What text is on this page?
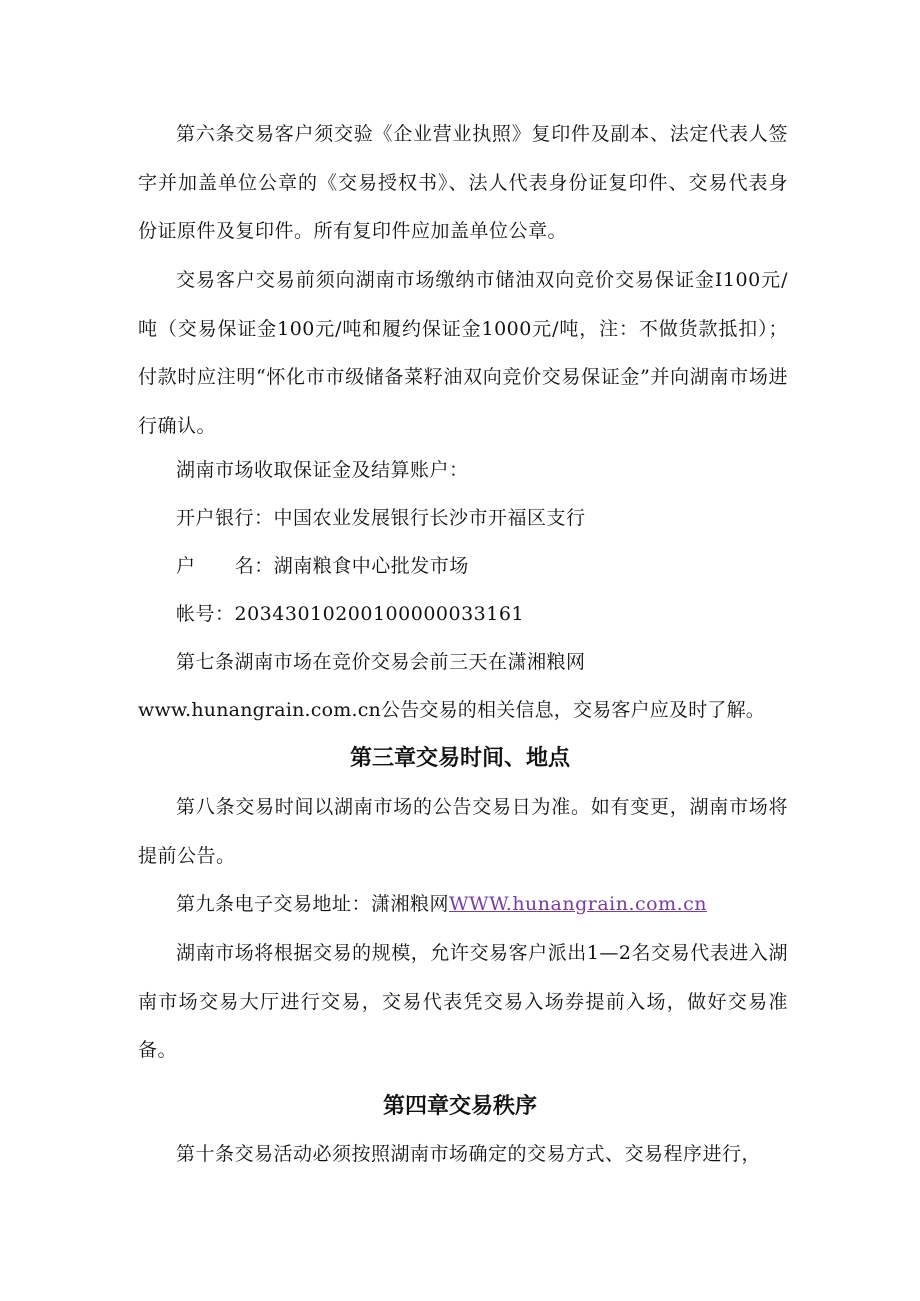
第六条交易客户须交验《企业营业执照》复印件及副本、法定代表人签字并加盖单位公章的《交易授权书》、法人代表身份证复印件、交易代表身份证原件及复印件。所有复印件应加盖单位公章。

交易客户交易前须向湖南市场缴纳市储油双向竞价交易保证金I100元/吨（交易保证金100元/吨和履约保证金1000元/吨，注：不做货款抵扣）；付款时应注明“怀化市市级储备菜籽油双向竞价交易保证金”并向湖南市场进行确认。

湖南市场收取保证金及结算账户：

开户银行：中国农业发展银行长沙市开福区支行

户      名：湖南粮食中心批发市场

帐号：20343010200100000033161

第七条湖南市场在竞价交易会前三天在潇湘粮网

www.hunangrain.com.cn公告交易的相关信息，交易客户应及时了解。

第三章交易时间、地点

第八条交易时间以湖南市场的公告交易日为准。如有变更，湖南市场将提前公告。

第九条电子交易地址：潇湘粮网WWW.hunangrain.com.cn

湖南市场将根据交易的规模，允许交易客户派出1—2名交易代表进入湖南市场交易大厅进行交易，交易代表凭交易入场券提前入场，做好交易准备。

第四章交易秩序

第十条交易活动必须按照湖南市场确定的交易方式、交易程序进行，
